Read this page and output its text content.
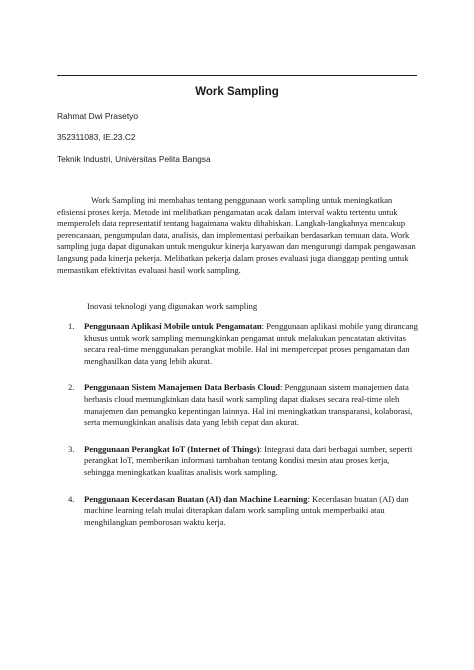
Work Sampling
Rahmat Dwi Prasetyo
352311083, IE.23.C2
Teknik Industri, Universitas Pelita Bangsa

Work Sampling ini membahas tentang penggunaan work sampling untuk meningkatkan efisiensi proses kerja. Metode ini melibatkan pengamatan acak dalam interval waktu tertentu untuk memperoleh data representatif tentang bagaimana waktu dihabiskan. Langkah-langkahnya mencakup perencanaan, pengumpulan data, analisis, dan implementasi perbaikan berdasarkan temuan data. Work sampling juga dapat digunakan untuk mengukur kinerja karyawan dan mengurangi dampak pengawasan langsung pada kinerja pekerja. Melibatkan pekerja dalam proses evaluasi juga dianggap penting untuk memastikan efektivitas evaluasi hasil work sampling.

Inovasi teknologi yang digunakan work sampling
1. Penggunaan Aplikasi Mobile untuk Pengamatan: Penggunaan aplikasi mobile yang dirancang khusus untuk work sampling memungkinkan pengamat untuk melakukan pencatatan aktivitas secara real-time menggunakan perangkat mobile. Hal ini mempercepat proses pengamatan dan menghasilkan data yang lebih akurat.
2. Penggunaan Sistem Manajemen Data Berbasis Cloud: Penggunaan sistem manajemen data berbasis cloud memungkinkan data hasil work sampling dapat diakses secara real-time oleh manajemen dan pemangku kepentingan lainnya. Hal ini meningkatkan transparansi, kolaborasi, serta memungkinkan analisis data yang lebih cepat dan akurat.
3. Penggunaan Perangkat IoT (Internet of Things): Integrasi data dari berbagai sumber, seperti perangkat IoT, memberikan informasi tambahan tentang kondisi mesin atau proses kerja, sehingga meningkatkan kualitas analisis work sampling.
4. Penggunaan Kecerdasan Buatan (AI) dan Machine Learning: Kecerdasan buatan (AI) dan machine learning telah mulai diterapkan dalam work sampling untuk memperbaiki atau menghilangkan pemborosan waktu kerja.
